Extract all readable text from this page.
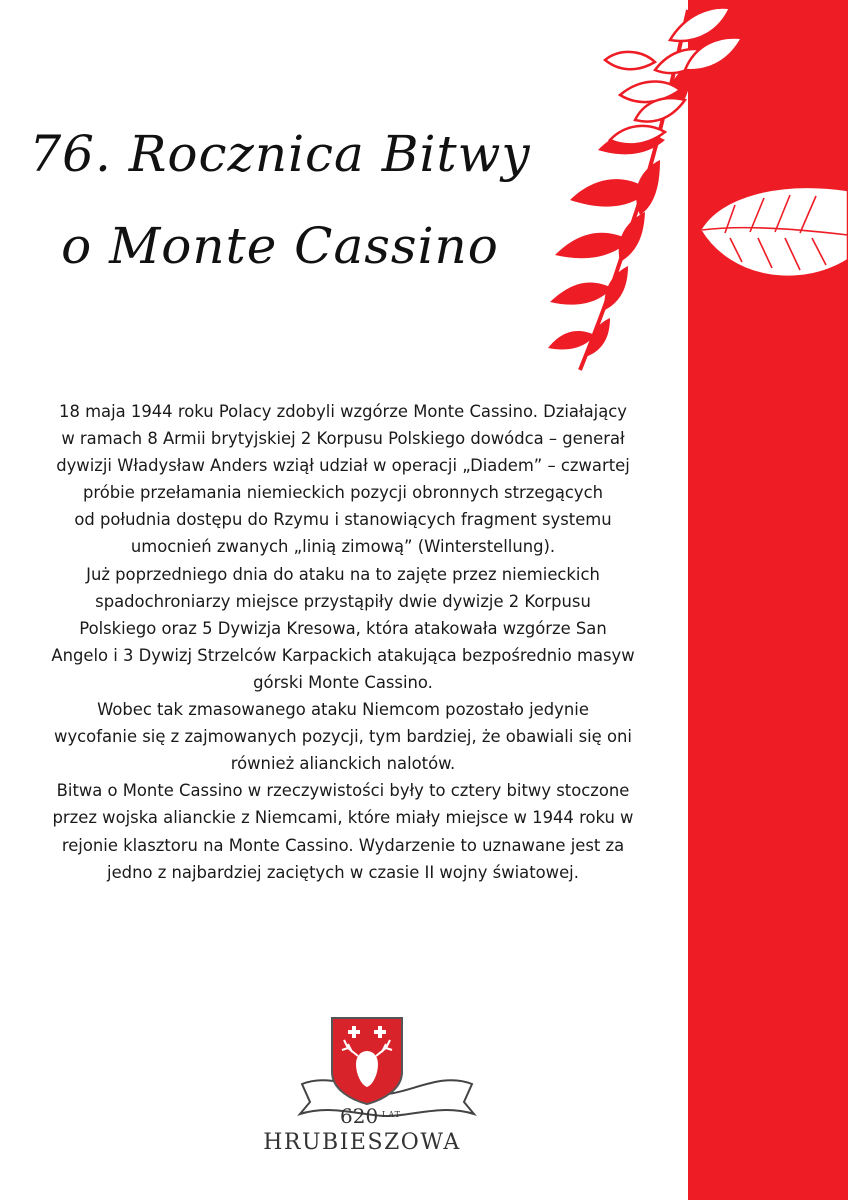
76. Rocznica Bitwy
o Monte Cassino
18 maja 1944 roku Polacy zdobyli wzgórze Monte Cassino. Działający
w ramach 8 Armii brytyjskiej 2 Korpusu Polskiego dowódca – generał
dywizji Władysław Anders wziął udział w operacji „Diadem” – czwartej
próbie przełamania niemieckich pozycji obronnych strzegących
od południa dostępu do Rzymu i stanowiących fragment systemu
umocnień zwanych „linią zimową” (Winterstellung).
Już poprzedniego dnia do ataku na to zajęte przez niemieckich
spadochroniarzy miejsce przystąpiły dwie dywizje 2 Korpusu
Polskiego oraz 5 Dywizja Kresowa, która atakowała wzgórze San
Angelo i 3 Dywizj Strzelców Karpackich atakująca bezpośrednio masyw
górski Monte Cassino.
Wobec tak zmasowanego ataku Niemcom pozostało jedynie
wycofanie się z zajmowanych pozycji, tym bardziej, że obawiali się oni
również alianckich nalotów.
Bitwa o Monte Cassino w rzeczywistości były to cztery bitwy stoczone
przez wojska alianckie z Niemcami, które miały miejsce w 1944 roku w
rejonie klasztoru na Monte Cassino. Wydarzenie to uznawane jest za
jedno z najbardziej zaciętych w czasie II wojny światowej.
620 LAT
HRUBIESZOWA
